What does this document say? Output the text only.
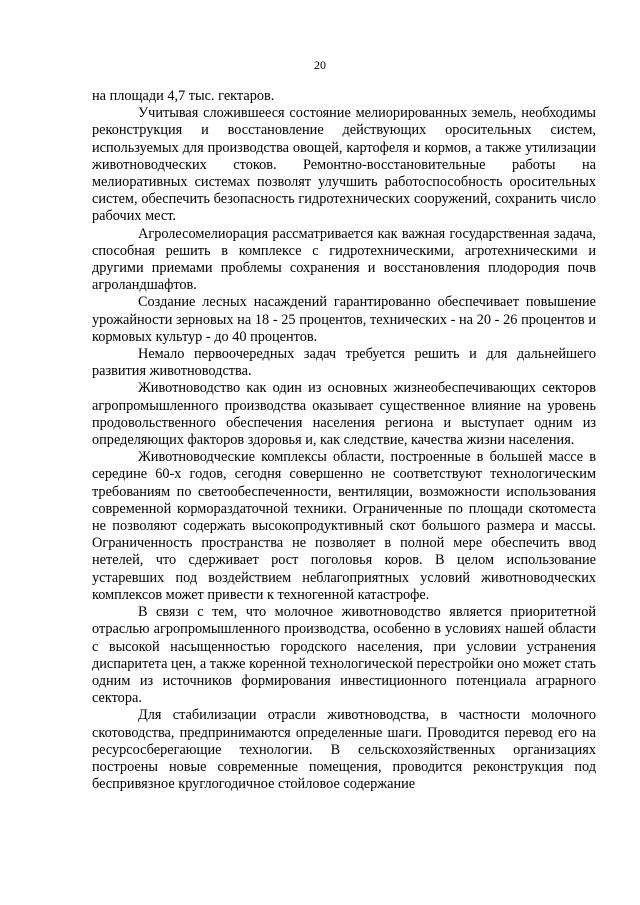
20

на площади 4,7 тыс. гектаров.

Учитывая сложившееся состояние мелиорированных земель, необходимы реконструкция и восстановление действующих оросительных систем, используемых для производства овощей, картофеля и кормов, а также утилизации животноводческих стоков. Ремонтно-восстановительные работы на мелиоративных системах позволят улучшить работоспособность оросительных систем, обеспечить безопасность гидротехнических сооружений, сохранить число рабочих мест.

Агролесомелиорация рассматривается как важная государственная задача, способная решить в комплексе с гидротехническими, агротехническими и другими приемами проблемы сохранения и восстановления плодородия почв агроландшафтов.

Создание лесных насаждений гарантированно обеспечивает повышение урожайности зерновых на 18 - 25 процентов, технических - на 20 - 26 процентов и кормовых культур - до 40 процентов.

Немало первоочередных задач требуется решить и для дальнейшего развития животноводства.

Животноводство как один из основных жизнеобеспечивающих секторов агропромышленного производства оказывает существенное влияние на уровень продовольственного обеспечения населения региона и выступает одним из определяющих факторов здоровья и, как следствие, качества жизни населения.

Животноводческие комплексы области, построенные в большей массе в середине 60-х годов, сегодня совершенно не соответствуют технологическим требованиям по светообеспеченности, вентиляции, возможности использования современной кормораздаточной техники. Ограниченные по площади скотоместа не позволяют содержать высокопродуктивный скот большого размера и массы. Ограниченность пространства не позволяет в полной мере обеспечить ввод нетелей, что сдерживает рост поголовья коров. В целом использование устаревших под воздействием неблагоприятных условий животноводческих комплексов может привести к техногенной катастрофе.

В связи с тем, что молочное животноводство является приоритетной отраслью агропромышленного производства, особенно в условиях нашей области с высокой насыщенностью городского населения, при условии устранения диспаритета цен, а также коренной технологической перестройки оно может стать одним из источников формирования инвестиционного потенциала аграрного сектора.

Для стабилизации отрасли животноводства, в частности молочного скотоводства, предпринимаются определенные шаги. Проводится перевод его на ресурсосберегающие технологии. В сельскохозяйственных организациях построены новые современные помещения, проводится реконструкция под беспривязное круглогодичное стойловое содержание
